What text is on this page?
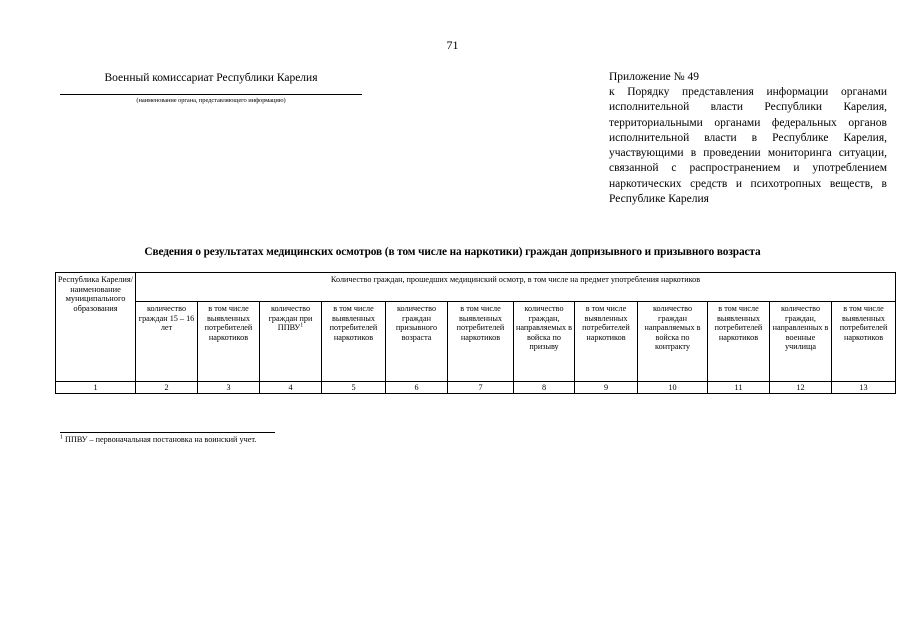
71
Военный комиссариат Республики Карелия
(наименование органа, представляющего информацию)
Приложение № 49
к Порядку представления информации органами исполнительной власти Республики Карелия, территориальными органами федеральных органов исполнительной власти в Республике Карелия, участвующими в проведении мониторинга ситуации, связанной с распространением и употреблением наркотических средств и психотропных веществ, в Республике Карелия
Сведения о результатах медицинских осмотров (в том числе на наркотики) граждан допризывного и призывного возраста
Республика Карелия/ наименование муниципального образования	Количество граждан, прошедших медицинский осмотр, в том числе на предмет употребления наркотиков											
	количество граждан 15 – 16 лет	в том числе выявленных потребителей наркотиков	количество граждан при ППВУ$^1$	в том числе выявленных потребителей наркотиков	количество граждан призывного возраста	в том числе выявленных потребителей наркотиков	количество граждан, направляемых в войска по призыву	в том числе выявленных потребителей наркотиков	количество граждан направляемых в войска по контракту	в том числе выявленных потребителей наркотиков	количество граждан, направленных в военные училища	в том числе выявленных потребителей наркотиков
1	2	3	4	5	6	7	8	9	10	11	12	13
$^1$ ППВУ – первоначальная постановка на воинский учет.
